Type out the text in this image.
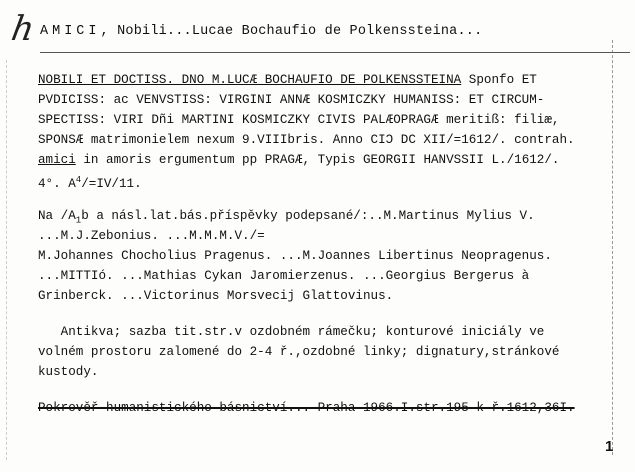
h AMICI, Nobili...Lucae Bochaufio de Polkenssteina...
NOBILI ET DOCTISS. DNO M.LUCÆ BOCHAUFIO DE POLKENSSTEINA Sponfo ET
PVDICISS: ac VENVSTISS: VIRGINI ANNÆ KOSMICZKY HUMANISS: ET CIRCUM-
SPECTISS: VIRI Dñi MARTINI KOSMICZKY CIVIS PALÆOPRAGÆ meritiß: filiæ,
SPONSÆ matrimonielem nexum 9.VIIIbris. Anno CIƆ DC XII/=1612/. contrah.
amici in amoris ergumentum pp PRAGÆ, Typis GEORGII HANVSSII L./1612/.
4°. $A^4/=IV/11$.
Na $/A_1b$ a násl.lat.bás.příspěvky podepsané/:..M.Martinus Mylius V.
...M.J.Zebonius. ...M.M.M.V./=
M.Johannes Chocholius Pragenus. ...M.Joannes Libertinus Neopragenus.
...MITTIó. ...Mathias Cykan Jaromierzenus. ...Georgius Bergerus à
Grinberck. ...Victorinus Morsvecij Glattovinus.
Antikva; sazba tit.str.v ozdobném rámečku; konturové iniciály ve
volném prostoru zalomené do 2-4 ř.,ozdobné linky; dignatury,stránkové
kustody.
Pokrověř humanistického básnictví... Praha 1966.I.str.195 k ř.1612,36I.
1
